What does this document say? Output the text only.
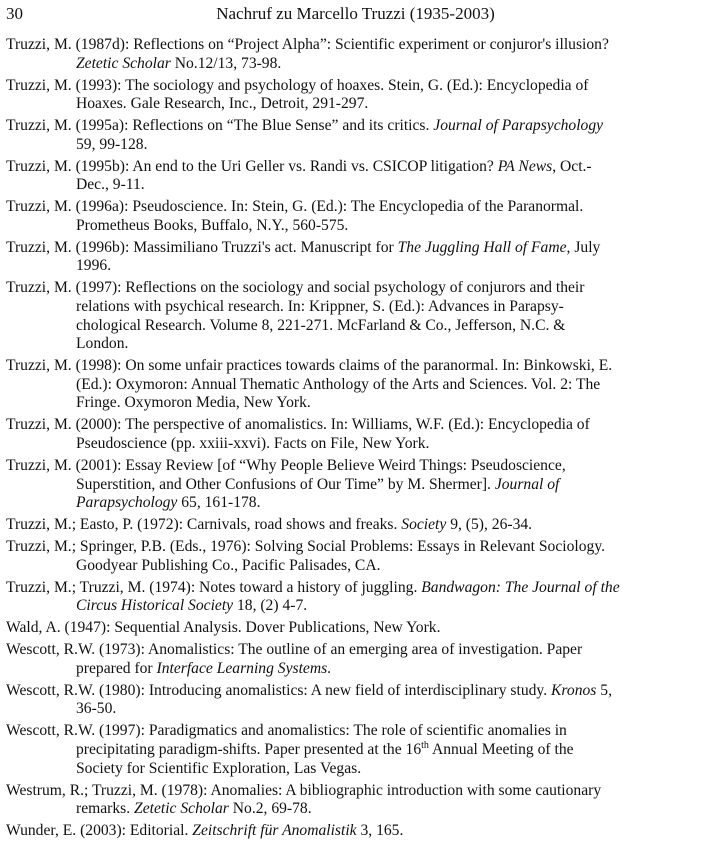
30	Nachruf zu Marcello Truzzi (1935-2003)
Truzzi, M. (1987d): Reflections on “Project Alpha”: Scientific experiment or conjuror's illusion? Zetetic Scholar No.12/13, 73-98.
Truzzi, M. (1993): The sociology and psychology of hoaxes. Stein, G. (Ed.): Encyclopedia of Hoaxes. Gale Research, Inc., Detroit, 291-297.
Truzzi, M. (1995a): Reflections on “The Blue Sense” and its critics. Journal of Parapsychology 59, 99-128.
Truzzi, M. (1995b): An end to the Uri Geller vs. Randi vs. CSICOP litigation? PA News, Oct.-Dec., 9-11.
Truzzi, M. (1996a): Pseudoscience. In: Stein, G. (Ed.): The Encyclopedia of the Paranormal. Prometheus Books, Buffalo, N.Y., 560-575.
Truzzi, M. (1996b): Massimiliano Truzzi's act. Manuscript for The Juggling Hall of Fame, July 1996.
Truzzi, M. (1997): Reflections on the sociology and social psychology of conjurors and their relations with psychical research. In: Krippner, S. (Ed.): Advances in Parapsychological Research. Volume 8, 221-271. McFarland & Co., Jefferson, N.C. & London.
Truzzi, M. (1998): On some unfair practices towards claims of the paranormal. In: Binkowski, E. (Ed.): Oxymoron: Annual Thematic Anthology of the Arts and Sciences. Vol. 2: The Fringe. Oxymoron Media, New York.
Truzzi, M. (2000): The perspective of anomalistics. In: Williams, W.F. (Ed.): Encyclopedia of Pseudoscience (pp. xxiii-xxvi). Facts on File, New York.
Truzzi, M. (2001): Essay Review [of “Why People Believe Weird Things: Pseudoscience, Superstition, and Other Confusions of Our Time” by M. Shermer]. Journal of Parapsychology 65, 161-178.
Truzzi, M.; Easto, P. (1972): Carnivals, road shows and freaks. Society 9, (5), 26-34.
Truzzi, M.; Springer, P.B. (Eds., 1976): Solving Social Problems: Essays in Relevant Sociology. Goodyear Publishing Co., Pacific Palisades, CA.
Truzzi, M.; Truzzi, M. (1974): Notes toward a history of juggling. Bandwagon: The Journal of the Circus Historical Society 18, (2) 4-7.
Wald, A. (1947): Sequential Analysis. Dover Publications, New York.
Wescott, R.W. (1973): Anomalistics: The outline of an emerging area of investigation. Paper prepared for Interface Learning Systems.
Wescott, R.W. (1980): Introducing anomalistics: A new field of interdisciplinary study. Kronos 5, 36-50.
Wescott, R.W. (1997): Paradigmatics and anomalistics: The role of scientific anomalies in precipitating paradigm-shifts. Paper presented at the 16th Annual Meeting of the Society for Scientific Exploration, Las Vegas.
Westrum, R.; Truzzi, M. (1978): Anomalies: A bibliographic introduction with some cautionary remarks. Zetetic Scholar No.2, 69-78.
Wunder, E. (2003): Editorial. Zeitschrift für Anomalistik 3, 165.
